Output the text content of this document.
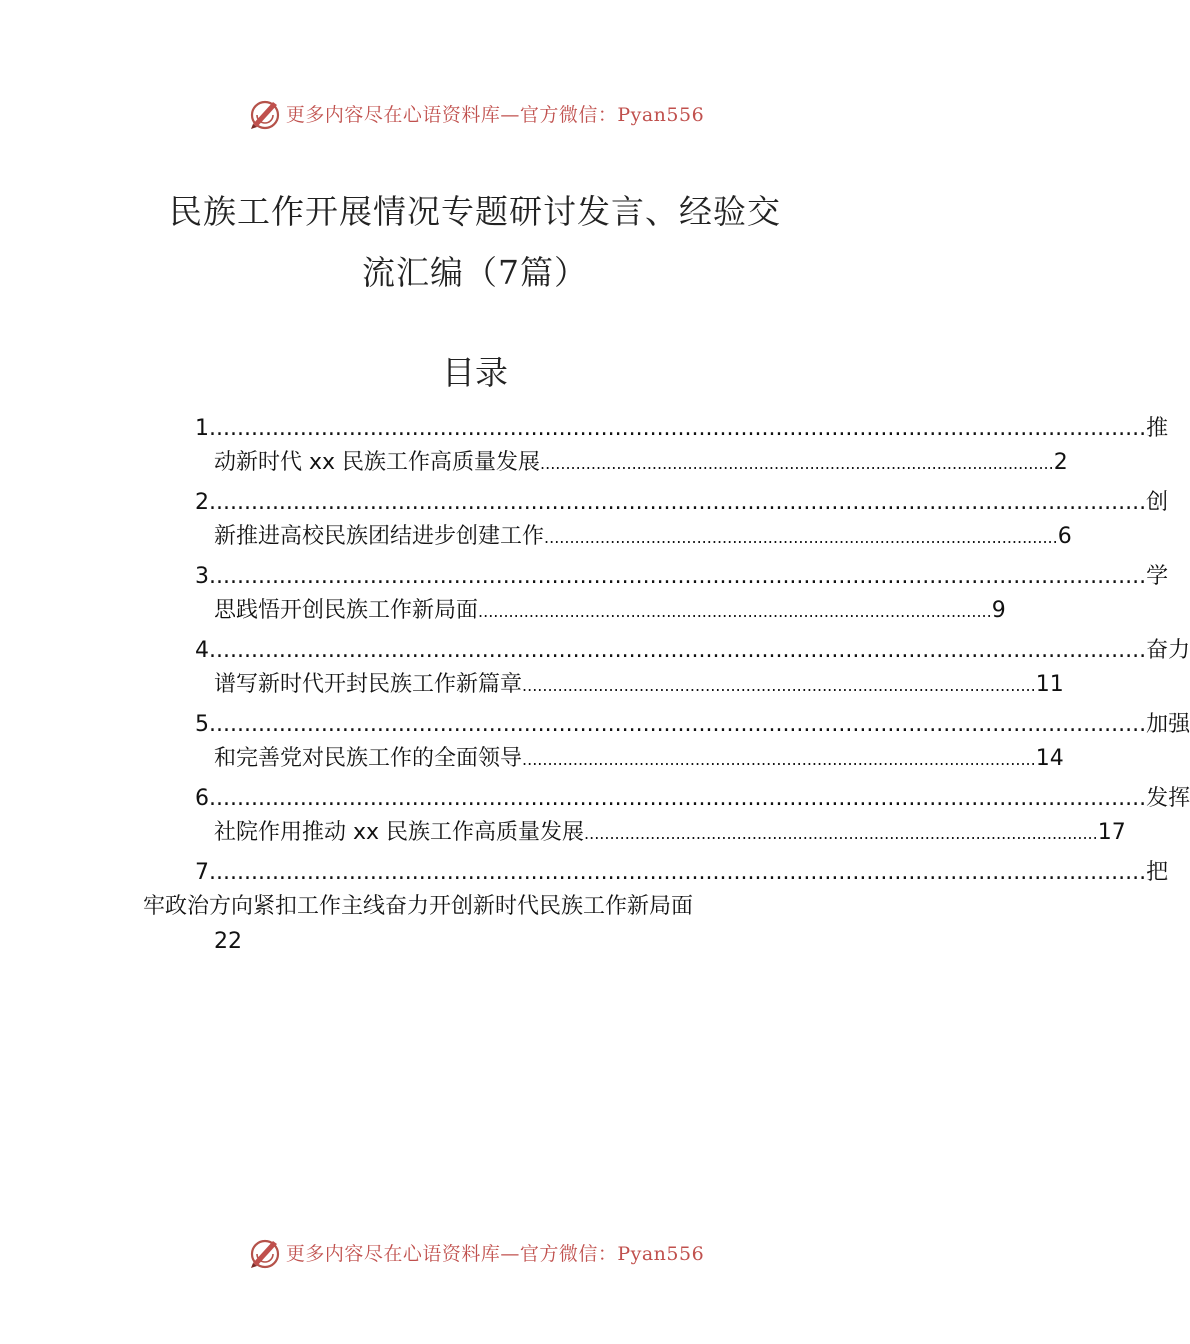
更多内容尽在心语资料库—官方微信：Pyan556
民族工作开展情况专题研讨发言、经验交
流汇编（7篇）
目录
1 ...................................................................................................................................... 推
动新时代 xx 民族工作高质量发展 ..................................................................................................... 2
2 ...................................................................................................................................... 创
新推进高校民族团结进步创建工作 ..................................................................................................... 6
3 ...................................................................................................................................... 学
思践悟开创民族工作新局面 ..................................................................................................... 9
4 ...................................................................................................................................... 奋力
谱写新时代开封民族工作新篇章 ..................................................................................................... 11
5 ...................................................................................................................................... 加强
和完善党对民族工作的全面领导 ..................................................................................................... 14
6 ...................................................................................................................................... 发挥
社院作用推动 xx 民族工作高质量发展 ..................................................................................................... 17
7 ...................................................................................................................................... 把
牢政治方向紧扣工作主线奋力开创新时代民族工作新局面
22
更多内容尽在心语资料库—官方微信：Pyan556
